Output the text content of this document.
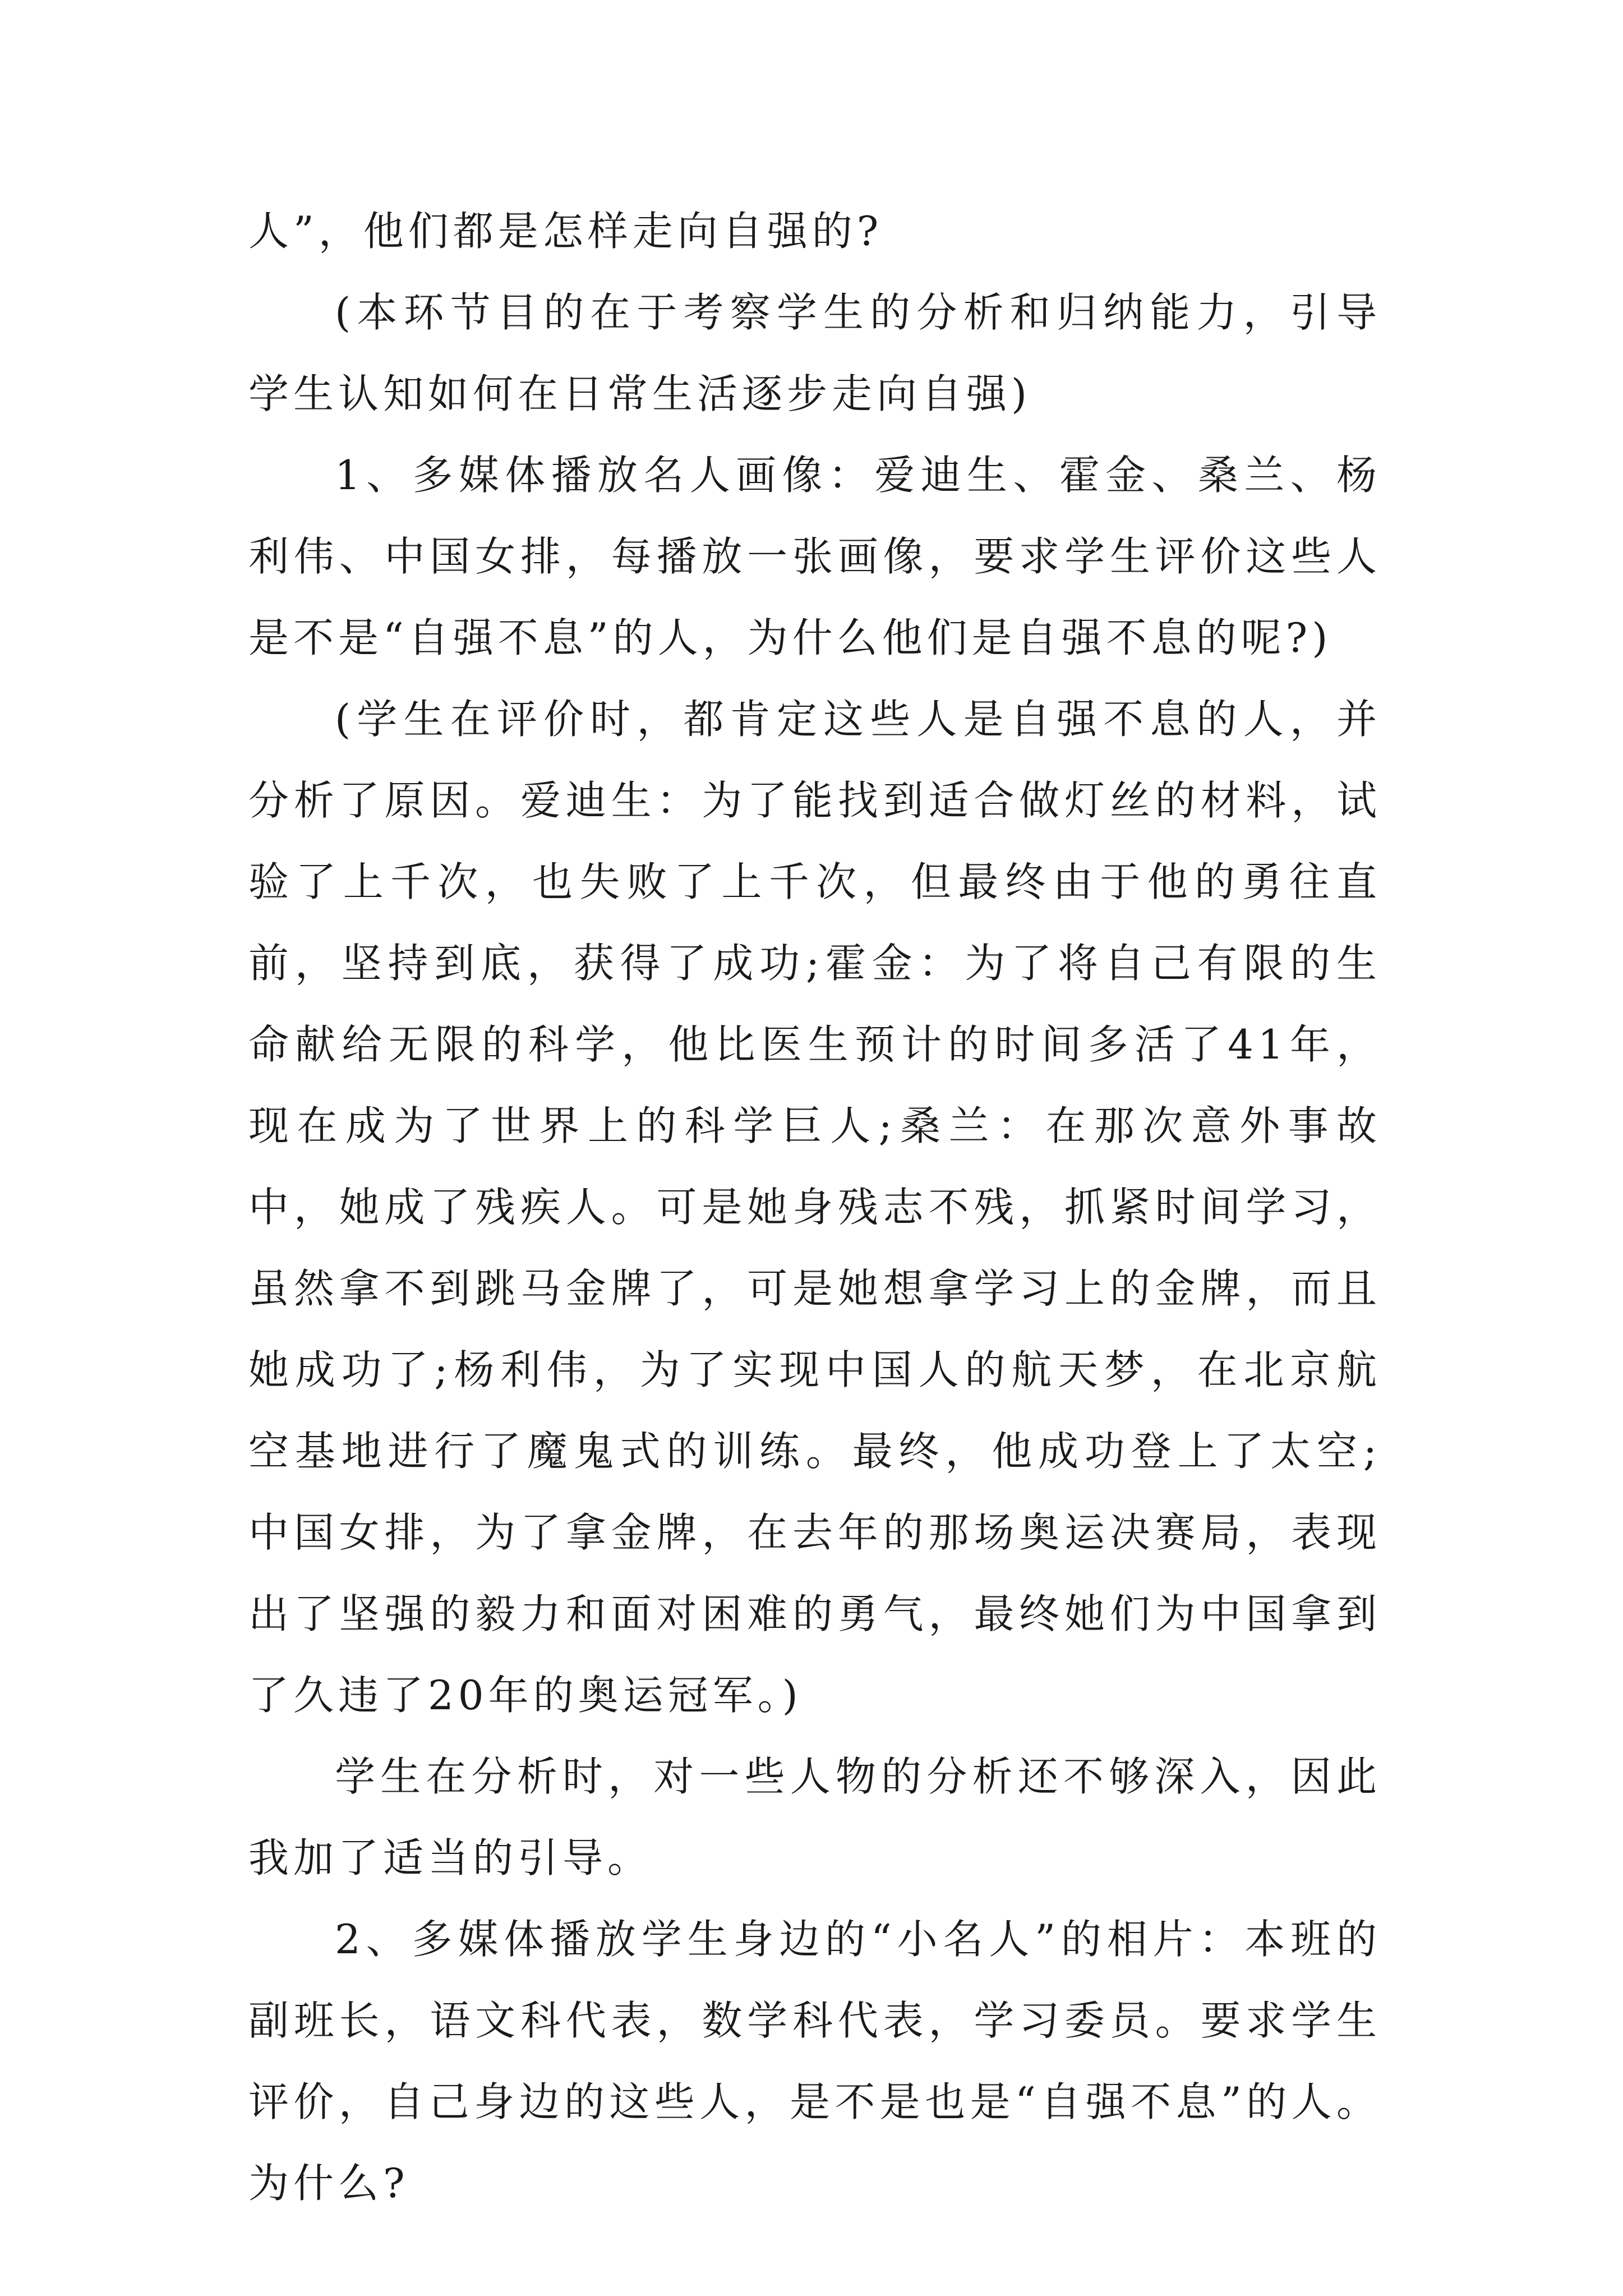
人”，他们都是怎样走向自强的?

(本环节目的在于考察学生的分析和归纳能力，引导学生认知如何在日常生活逐步走向自强)

1、多媒体播放名人画像：爱迪生、霍金、桑兰、杨利伟、中国女排，每播放一张画像，要求学生评价这些人是不是“自强不息”的人，为什么他们是自强不息的呢?)

(学生在评价时，都肯定这些人是自强不息的人，并分析了原因。爱迪生：为了能找到适合做灯丝的材料，试验了上千次，也失败了上千次，但最终由于他的勇往直前，坚持到底，获得了成功;霍金：为了将自己有限的生命献给无限的科学，他比医生预计的时间多活了41年，现在成为了世界上的科学巨人;桑兰：在那次意外事故中，她成了残疾人。可是她身残志不残，抓紧时间学习，虽然拿不到跳马金牌了，可是她想拿学习上的金牌，而且她成功了;杨利伟，为了实现中国人的航天梦，在北京航空基地进行了魔鬼式的训练。最终，他成功登上了太空;中国女排，为了拿金牌，在去年的那场奥运决赛局，表现出了坚强的毅力和面对困难的勇气，最终她们为中国拿到了久违了20年的奥运冠军。)

学生在分析时，对一些人物的分析还不够深入，因此我加了适当的引导。

2、多媒体播放学生身边的“小名人”的相片：本班的副班长，语文科代表，数学科代表，学习委员。要求学生评价，自己身边的这些人，是不是也是“自强不息”的人。为什么?
